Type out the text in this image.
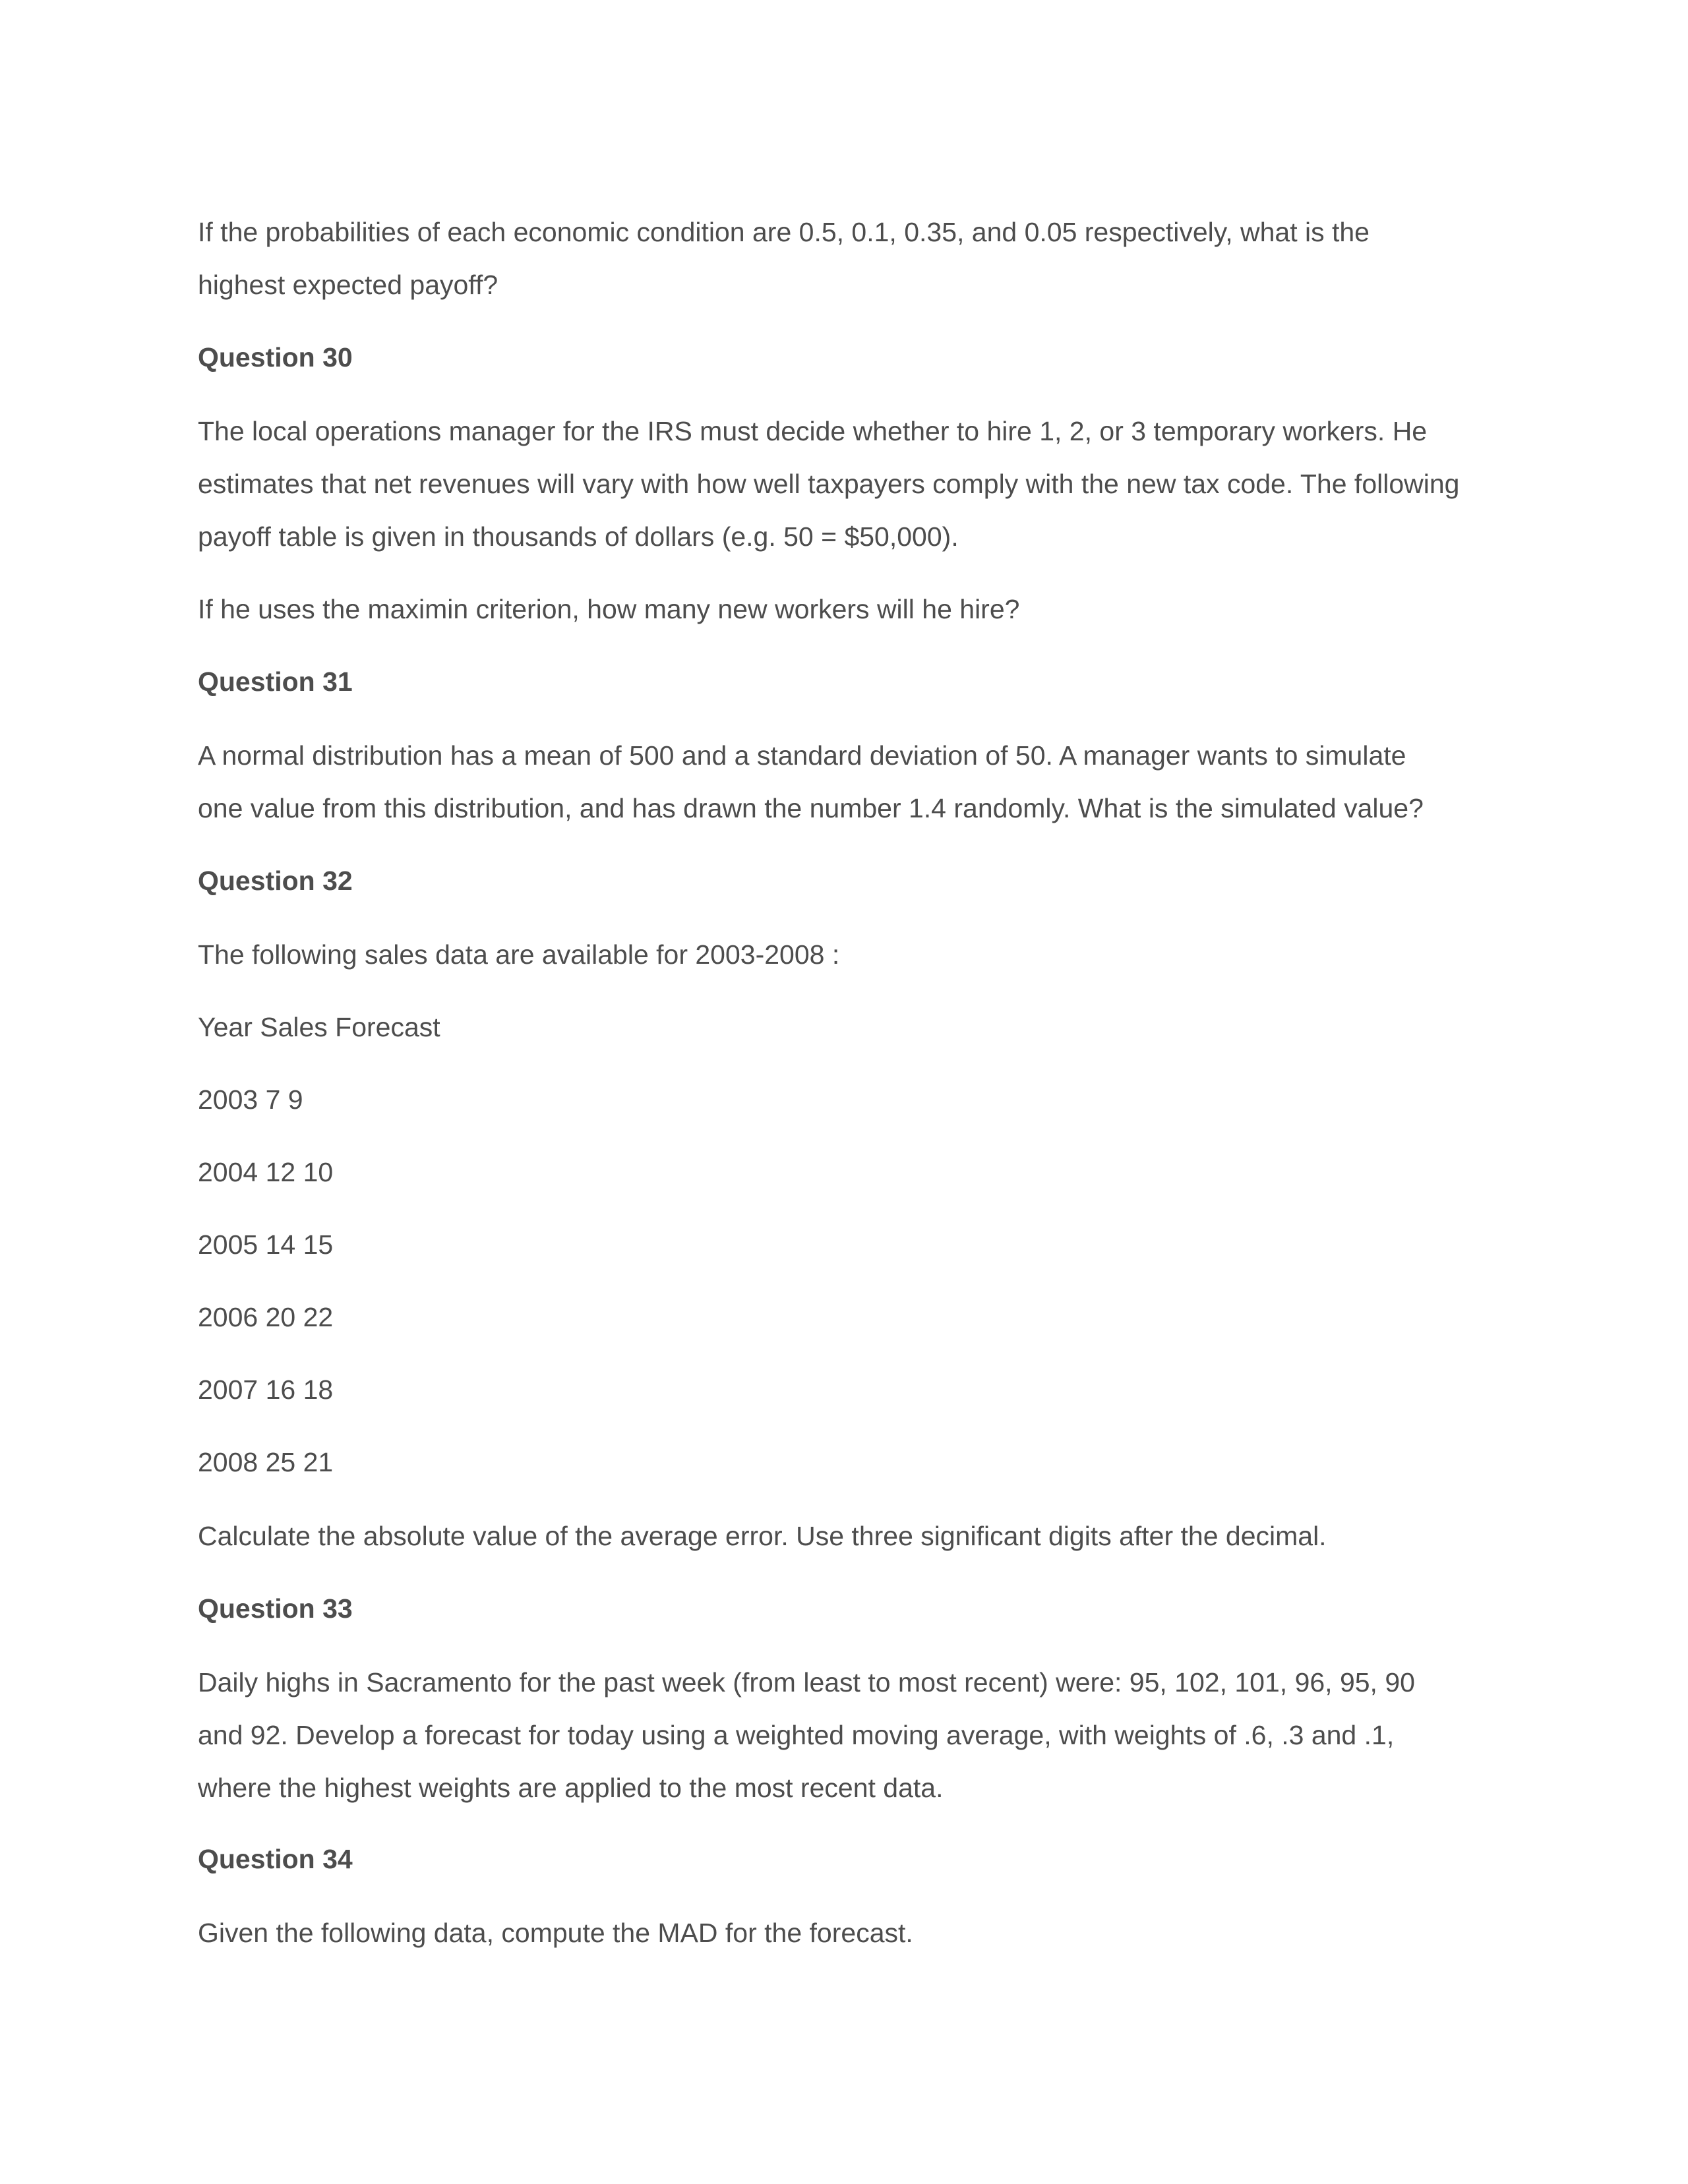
If the probabilities of each economic condition are 0.5, 0.1, 0.35, and 0.05 respectively, what is the

highest expected payoff?

Question 30

The local operations manager for the IRS must decide whether to hire 1, 2, or 3 temporary workers. He

estimates that net revenues will vary with how well taxpayers comply with the new tax code. The following

payoff table is given in thousands of dollars (e.g. 50 = $50,000).

If he uses the maximin criterion, how many new workers will he hire?

Question 31

A normal distribution has a mean of 500 and a standard deviation of 50. A manager wants to simulate

one value from this distribution, and has drawn the number 1.4 randomly. What is the simulated value?

Question 32

The following sales data are available for 2003-2008 :

Year Sales Forecast

2003 7 9

2004 12 10

2005 14 15

2006 20 22

2007 16 18

2008 25 21

Calculate the absolute value of the average error. Use three significant digits after the decimal.

Question 33

Daily highs in Sacramento for the past week (from least to most recent) were: 95, 102, 101, 96, 95, 90

and 92. Develop a forecast for today using a weighted moving average, with weights of .6, .3 and .1,

where the highest weights are applied to the most recent data.

Question 34

Given the following data, compute the MAD for the forecast.
